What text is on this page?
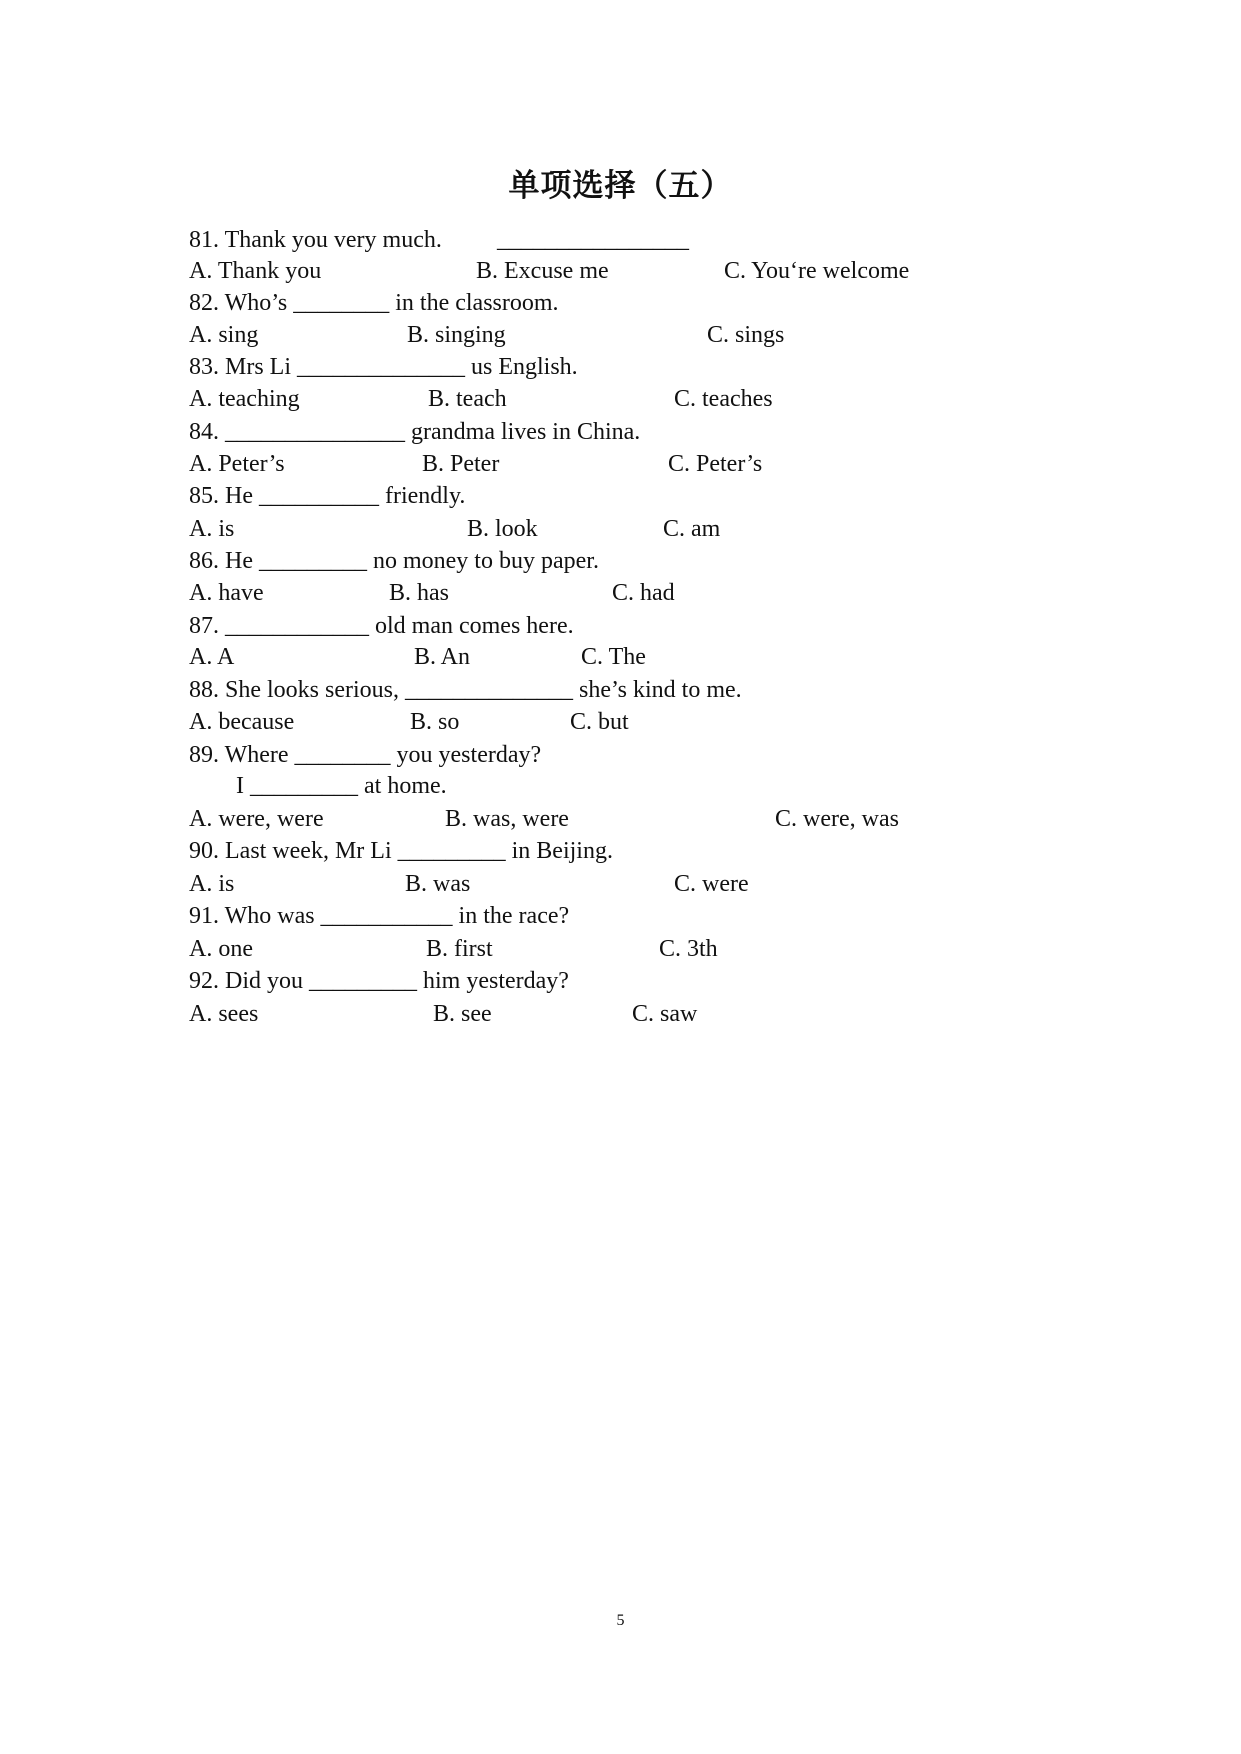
单项选择（五）
81. Thank you very much. ________________
A. Thank you	B. Excuse me	C. You‘re welcome
82. Who’s ________ in the classroom.
A. sing	B. singing	C. sings
83. Mrs Li ______________ us English.
A. teaching	B. teach	C. teaches
84. _______________ grandma lives in China.
A. Peter’s	B. Peter	C. Peter’s
85. He __________ friendly.
A. is	B. look	C. am
86. He _________ no money to buy paper.
A. have	B. has	C. had
87. ____________ old man comes here.
A. A	B. An	C. The
88. She looks serious, ______________ she’s kind to me.
A. because	B. so	C. but
89. Where ________ you yesterday?
I _________ at home.
A. were, were	B. was, were	C. were, was
90. Last week, Mr Li _________ in Beijing.
A. is	B. was	C. were
91. Who was ___________ in the race?
A. one	B. first	C. 3th
92. Did you _________ him yesterday?
A. sees	B. see	C. saw
5
